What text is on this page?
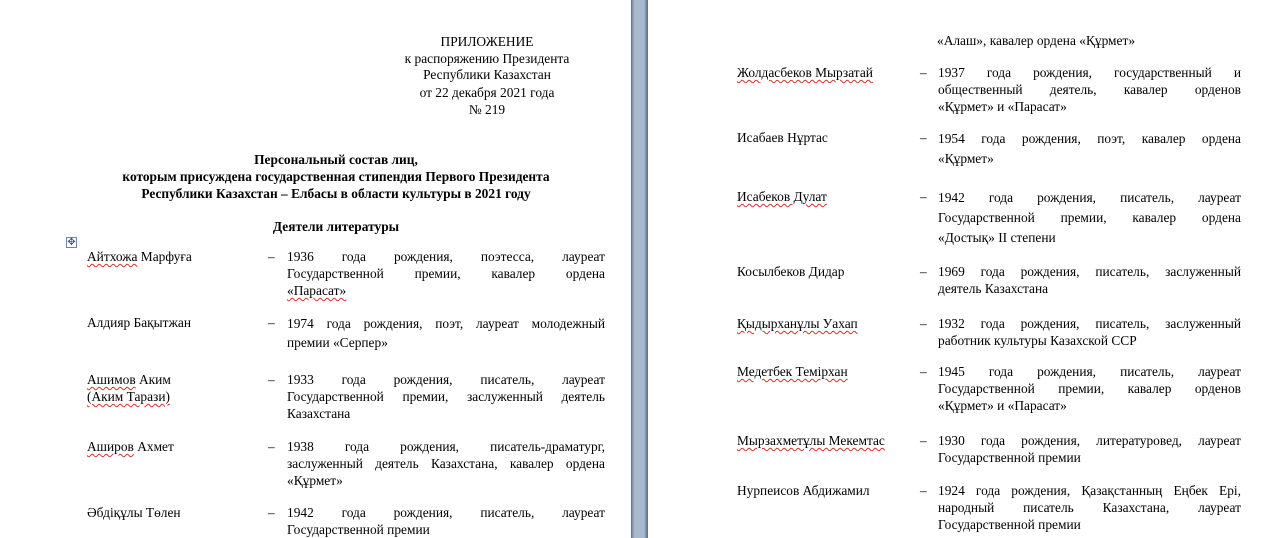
ПРИЛОЖЕНИЕ
к распоряжению Президента
Республики Казахстан
от 22 декабря 2021 года
№ 219
Персональный состав лиц,
которым присуждена государственная стипендия Первого Президента
Республики Казахстан – Елбасы в области культуры в 2021 году
Деятели литературы
✥
Айтхожа Марфуға	– 1936 года рождения, поэтесса, лауреат
Государственной премии, кавалер ордена
«Парасат»
Алдияр Бақытжан	– 1974 года рождения, поэт, лауреат молодежный
премии «Серпер»
Ашимов Аким
(Аким Тарази)
– 1933 года рождения, писатель, лауреат
Государственной премии, заслуженный деятель
Казахстана
Аширов Ахмет	– 1938 года рождения, писатель-драматург,
заслуженный деятель Казахстана, кавалер ордена
«Құрмет»
Әбдіқұлы Төлен	– 1942 года рождения, писатель, лауреат
Государственной премии
«Алаш», кавалер ордена «Құрмет»
Жолдасбеков Мырзатай	– 1937 года рождения, государственный и
общественный деятель, кавалер орденов
«Құрмет» и «Парасат»
Исабаев Нұртас	– 1954 года рождения, поэт, кавалер ордена
«Құрмет»
Исабеков Дулат	– 1942 года рождения, писатель, лауреат
Государственной премии, кавалер ордена
«Достық» II степени
Косылбеков Дидар	– 1969 года рождения, писатель, заслуженный
деятель Казахстана
Қыдырханұлы Уахап	– 1932 года рождения, писатель, заслуженный
работник культуры Казахской ССР
Медетбек Темірхан	– 1945 года рождения, писатель, лауреат
Государственной премии, кавалер орденов
«Құрмет» и «Парасат»
Мырзахметұлы Мекемтас	– 1930 года рождения, литературовед, лауреат
Государственной премии
Нурпеисов Абдижамил	– 1924 года рождения, Қазақстанның Еңбек Ері,
народный писатель Казахстана, лауреат
Государственной премии
